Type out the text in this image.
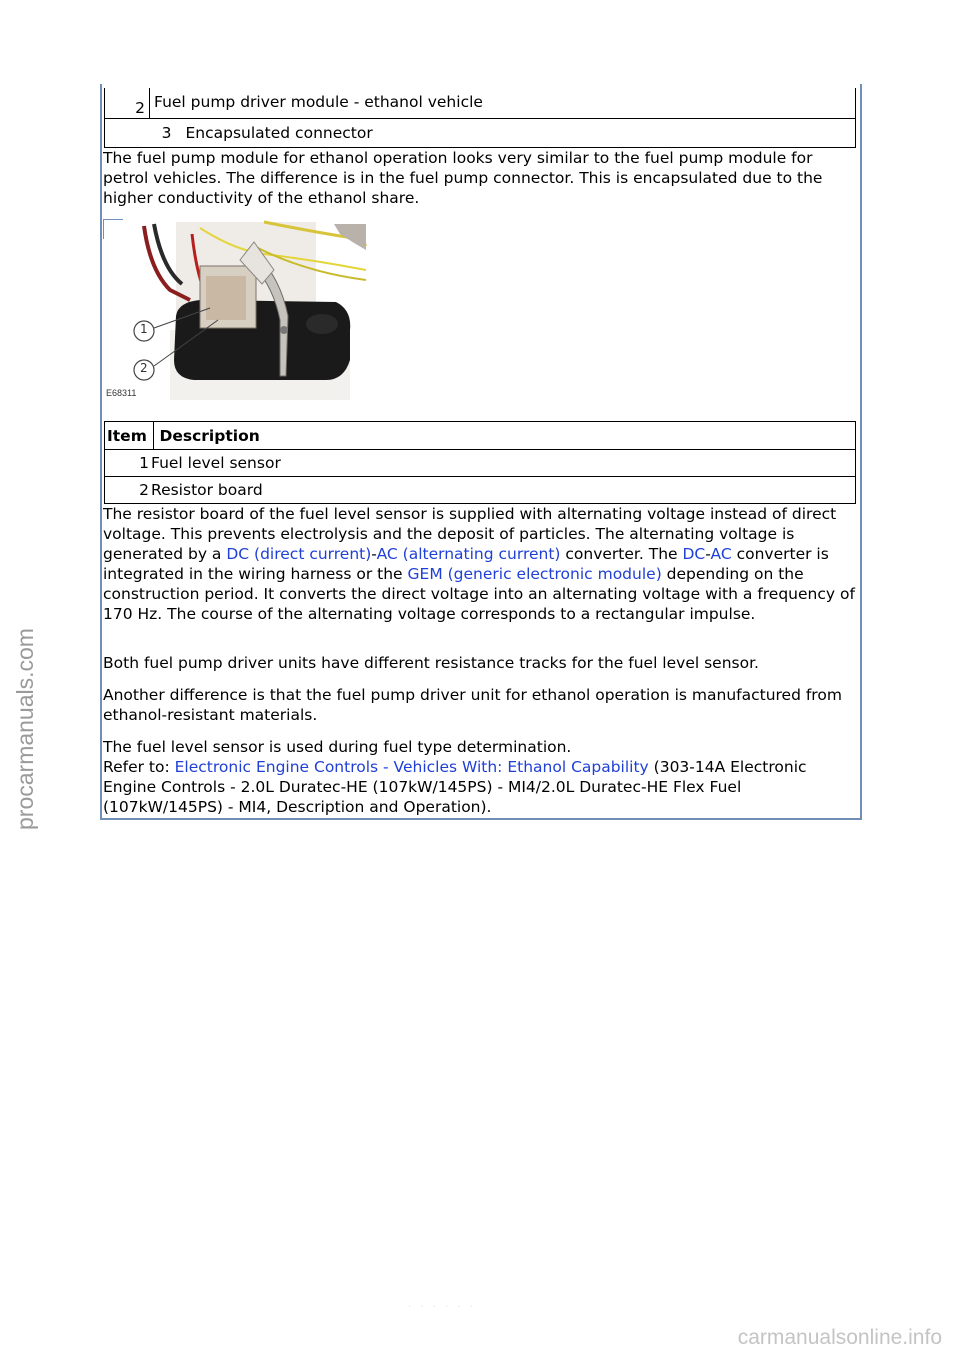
2	Fuel pump driver module - ethanol vehicle
3	Encapsulated connector

The fuel pump module for ethanol operation looks very similar to the fuel pump module for petrol vehicles. The difference is in the fuel pump connector. This is encapsulated due to the higher conductivity of the ethanol share.

1
2
E68311
Item	Description
1	Fuel level sensor
2	Resistor board

The resistor board of the fuel level sensor is supplied with alternating voltage instead of direct voltage. This prevents electrolysis and the deposit of particles. The alternating voltage is generated by a DC (direct current)-AC (alternating current) converter. The DC-AC converter is integrated in the wiring harness or the GEM (generic electronic module) depending on the construction period. It converts the direct voltage into an alternating voltage with a frequency of 170 Hz. The course of the alternating voltage corresponds to a rectangular impulse.

Both fuel pump driver units have different resistance tracks for the fuel level sensor.

Another difference is that the fuel pump driver unit for ethanol operation is manufactured from ethanol-resistant materials.

The fuel level sensor is used during fuel type determination.
Refer to: Electronic Engine Controls - Vehicles With: Ethanol Capability (303-14A Electronic Engine Controls - 2.0L Duratec-HE (107kW/145PS) - MI4/2.0L Duratec-HE Flex Fuel (107kW/145PS) - MI4, Description and Operation).

· · · · · ·
procarmanuals.com
carmanualsonline.info
